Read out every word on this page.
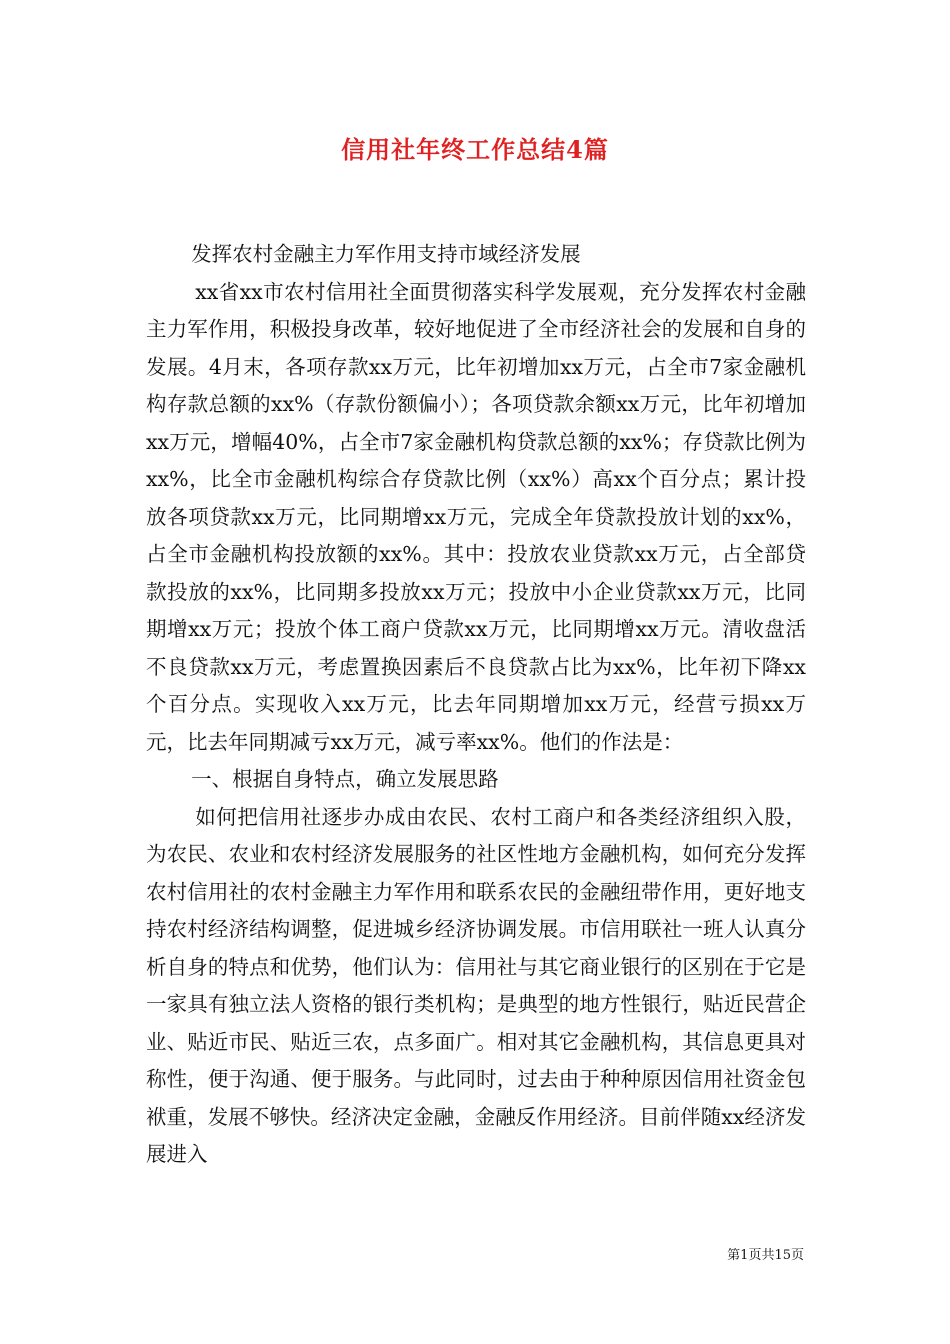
信用社年终工作总结4篇

发挥农村金融主力军作用支持市域经济发展

xx省xx市农村信用社全面贯彻落实科学发展观，充分发挥农村金融主力军作用，积极投身改革，较好地促进了全市经济社会的发展和自身的发展。4月末，各项存款xx万元，比年初增加xx万元，占全市7家金融机构存款总额的xx%（存款份额偏小）；各项贷款余额xx万元，比年初增加xx万元，增幅40%，占全市7家金融机构贷款总额的xx%；存贷款比例为xx%，比全市金融机构综合存贷款比例（xx%）高xx个百分点；累计投放各项贷款xx万元，比同期增xx万元，完成全年贷款投放计划的xx%，占全市金融机构投放额的xx%。其中：投放农业贷款xx万元，占全部贷款投放的xx%，比同期多投放xx万元；投放中小企业贷款xx万元，比同期增xx万元；投放个体工商户贷款xx万元，比同期增xx万元。清收盘活不良贷款xx万元，考虑置换因素后不良贷款占比为xx%，比年初下降xx个百分点。实现收入xx万元，比去年同期增加xx万元，经营亏损xx万元，比去年同期减亏xx万元，减亏率xx%。他们的作法是：

一、根据自身特点，确立发展思路

如何把信用社逐步办成由农民、农村工商户和各类经济组织入股，为农民、农业和农村经济发展服务的社区性地方金融机构，如何充分发挥农村信用社的农村金融主力军作用和联系农民的金融纽带作用，更好地支持农村经济结构调整，促进城乡经济协调发展。市信用联社一班人认真分析自身的特点和优势，他们认为：信用社与其它商业银行的区别在于它是一家具有独立法人资格的银行类机构；是典型的地方性银行，贴近民营企业、贴近市民、贴近三农，点多面广。相对其它金融机构，其信息更具对称性，便于沟通、便于服务。与此同时，过去由于种种原因信用社资金包袱重，发展不够快。经济决定金融，金融反作用经济。目前伴随xx经济发展进入

第1页共15页
